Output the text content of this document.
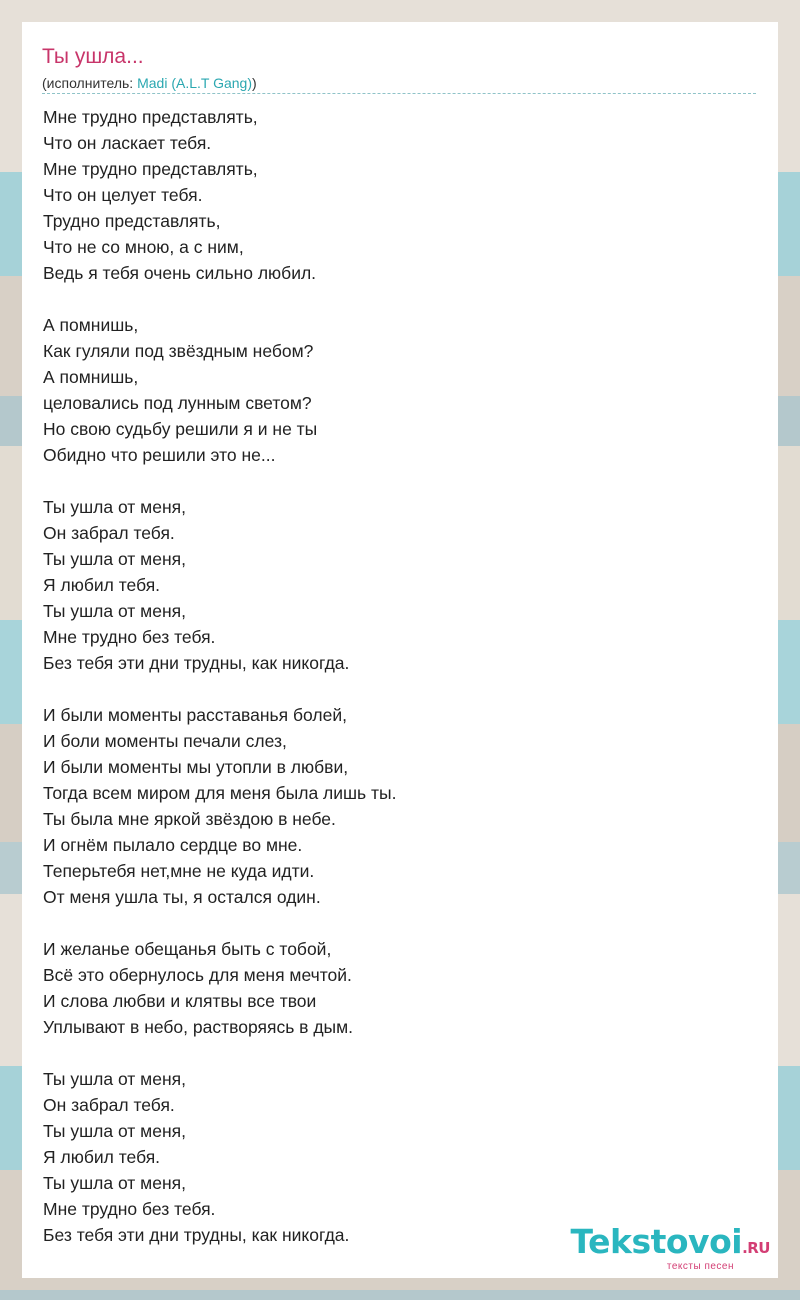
Ты ушла...
(исполнитель: Madi (A.L.T Gang))
Мне трудно представлять,
Что он ласкает тебя.
Мне трудно представлять,
Что он целует тебя.
Трудно представлять,
Что не со мною, а с ним,
Ведь я тебя очень сильно любил.
А помнишь,
Как гуляли под звёздным небом?
А помнишь,
целовались под лунным светом?
Но свою судьбу решили я и не ты
Обидно что решили это не...
Ты ушла от меня,
Он забрал тебя.
Ты ушла от меня,
Я любил тебя.
Ты ушла от меня,
Мне трудно без тебя.
Без тебя эти дни трудны, как никогда.
И были моменты расставанья болей,
И боли моменты печали слез,
И были моменты мы утопли в любви,
Тогда всем миром для меня была лишь ты.
Ты была мне яркой звёздою в небе.
И огнём пылало сердце во мне.
Теперьтебя нет,мне не куда идти.
От меня ушла ты, я остался один.
И желанье обещанья быть с тобой,
Всё это обернулось для меня мечтой.
И слова любви и клятвы все твои
Уплывают в небо, растворяясь в дым.
Ты ушла от меня,
Он забрал тебя.
Ты ушла от меня,
Я любил тебя.
Ты ушла от меня,
Мне трудно без тебя.
Без тебя эти дни трудны, как никогда.	Tekstovoi.RU
тексты песен
